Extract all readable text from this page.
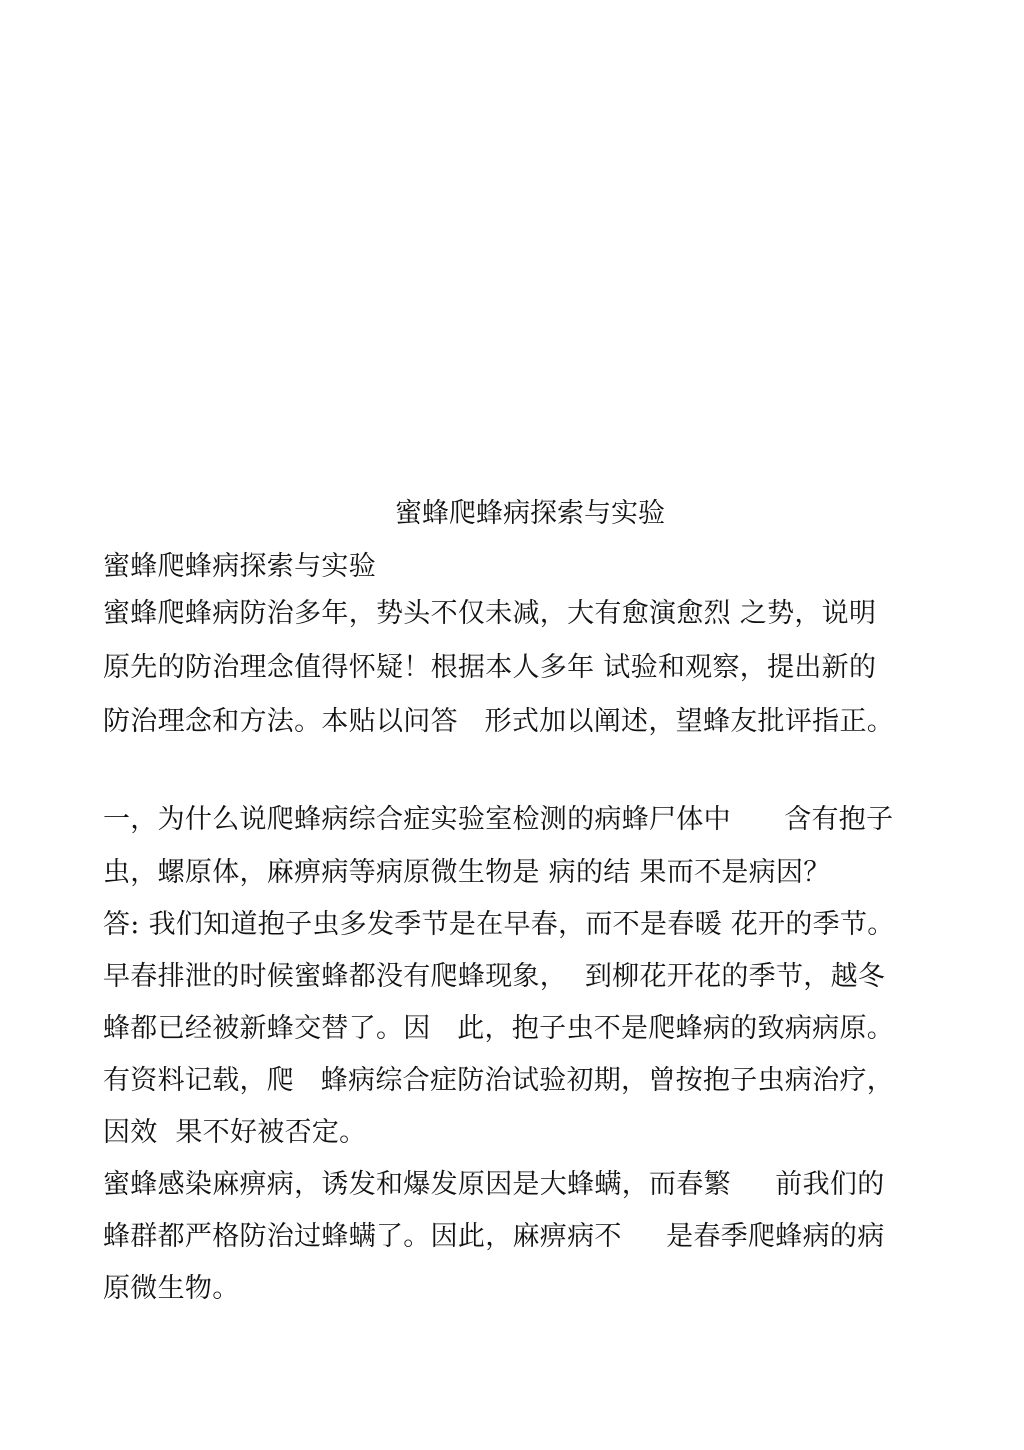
蜜蜂爬蜂病探索与实验
蜜蜂爬蜂病探索与实验
蜜蜂爬蜂病防治多年，势头不仅未减，大有愈演愈烈 之势，说明
原先的防治理念值得怀疑！根据本人多年 试验和观察，提出新的
防治理念和方法。本贴以问答   形式加以阐述，望蜂友批评指正。
一，为什么说爬蜂病综合症实验室检测的病蜂尸体中      含有抱子
虫，螺原体，麻痹病等病原微生物是 病的结 果而不是病因？
答: 我们知道抱子虫多发季节是在早春，而不是春暖 花开的季节。
早春排泄的时候蜜蜂都没有爬蜂现象，  到柳花开花的季节，越冬
蜂都已经被新蜂交替了。因   此，抱子虫不是爬蜂病的致病病原。
有资料记载，爬   蜂病综合症防治试验初期，曾按抱子虫病治疗，
因效  果不好被否定。
蜜蜂感染麻痹病，诱发和爆发原因是大蜂螨，而春繁     前我们的
蜂群都严格防治过蜂螨了。因此，麻痹病不     是春季爬蜂病的病
原微生物。
